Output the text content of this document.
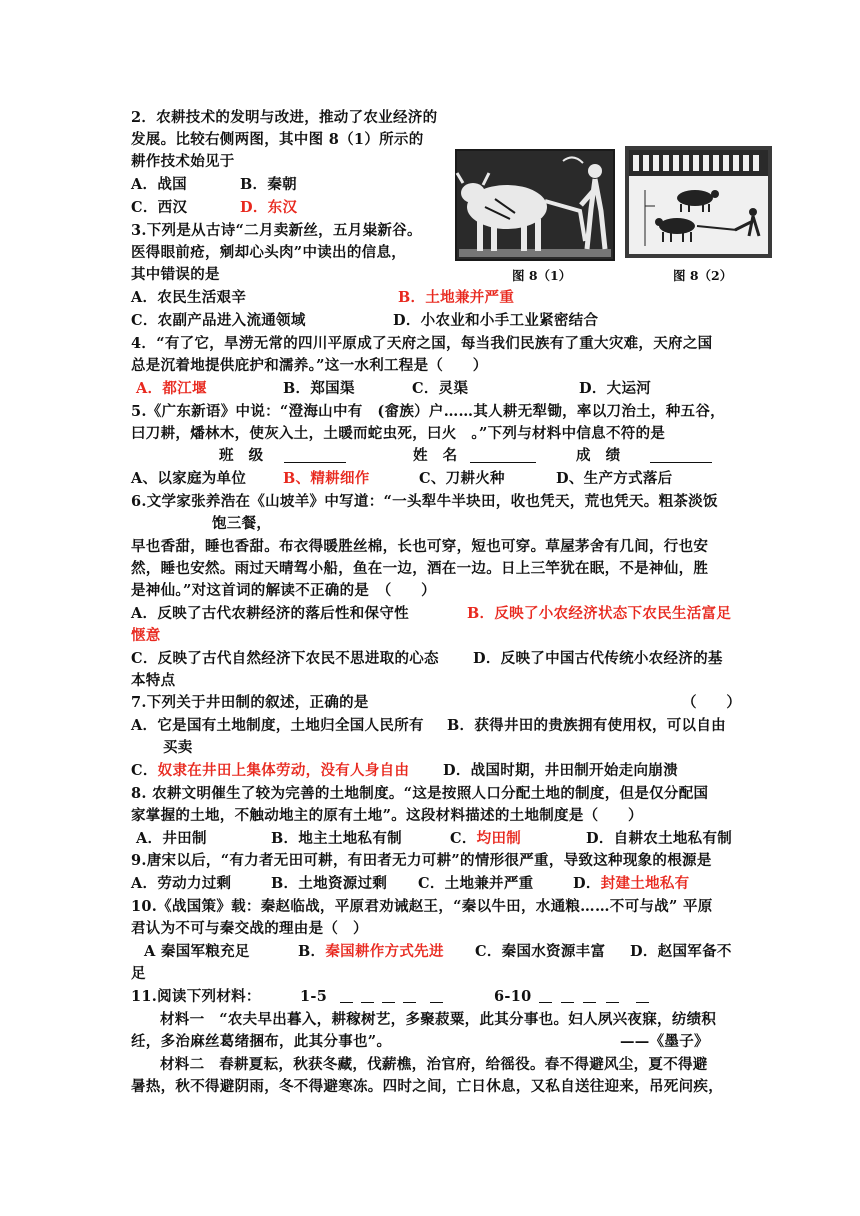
2．农耕技术的发明与改进，推动了农业经济的
发展。比较右侧两图，其中图 8（1）所示的
耕作技术始见于
A．战国	B．秦朝
C．西汉	D．东汉
图 8（1）	图 8（2）
3.下列是从古诗“二月卖新丝，五月粜新谷。
医得眼前疮，剜却心头肉”中读出的信息，
其中错误的是
A．农民生活艰辛	B．土地兼并严重
C．农副产品进入流通领域	D．小农业和小手工业紧密结合
4．“有了它，旱涝无常的四川平原成了天府之国，每当我们民族有了重大灾难，天府之国
总是沉着地提供庇护和濡养。”这一水利工程是（　　）
A．都江堰	B．郑国渠	C．灵渠	D．大运河
5.《广东新语》中说：“澄海山中有　(畲族）户……其人耕无犁锄，率以刀治土，种五谷，
曰刀耕，燔林木，使灰入土，土暖而蛇虫死，曰火　。”下列与材料中信息不符的是
班　级	姓　名	成　绩
A、以家庭为单位	B、精耕细作	C、刀耕火种	D、生产方式落后
6.文学家张养浩在《山坡羊》中写道：“一头犁牛半块田，收也凭天，荒也凭天。粗茶淡饭
饱三餐，
早也香甜，睡也香甜。布衣得暖胜丝棉，长也可穿，短也可穿。草屋茅舍有几间，行也安
然，睡也安然。雨过天晴驾小船，鱼在一边，酒在一边。日上三竿犹在眠，不是神仙，胜
是神仙。”对这首词的解读不正确的是　（　　）
A．反映了古代农耕经济的落后性和保守性	B．反映了小农经济状态下农民生活富足
惬意
C．反映了古代自然经济下农民不思进取的心态 D．反映了中国古代传统小农经济的基
本特点
7.下列关于井田制的叙述，正确的是	（　　）
A．它是国有土地制度，土地归全国人民所有 B．获得井田的贵族拥有使用权，可以自由
买卖
C．奴隶在井田上集体劳动，没有人身自由 D．战国时期，井田制开始走向崩溃
8. 农耕文明催生了较为完善的土地制度。“这是按照人口分配土地的制度，但是仅分配国
家掌握的土地，不触动地主的原有土地”。这段材料描述的土地制度是（　　）
A．井田制	B．地主土地私有制	C．均田制	D．自耕农土地私有制
9.唐宋以后，“有力者无田可耕，有田者无力可耕”的情形很严重，导致这种现象的根源是
A．劳动力过剩	B．土地资源过剩 C．土地兼并严重	D．封建土地私有
10.《战国策》载：秦赵临战，平原君劝诫赵王，“秦以牛田，水通粮……不可与战” 平原
君认为不可与秦交战的理由是（　）
A 秦国军粮充足	B．秦国耕作方式先进 C．秦国水资源丰富 D．赵国军备不
足
11.阅读下列材料：	1-5	6-10
材料一　“农夫早出暮入，耕稼树艺，多聚菽粟，此其分事也。妇人夙兴夜寐，纺绩积
纴，多治麻丝葛绪捆布，此其分事也”。	——《墨子》
材料二　春耕夏耘，秋获冬藏，伐薪樵，治官府，给徭役。春不得避风尘，夏不得避
暑热，秋不得避阴雨，冬不得避寒冻。四时之间，亡日休息，又私自送往迎来，吊死问疾，
